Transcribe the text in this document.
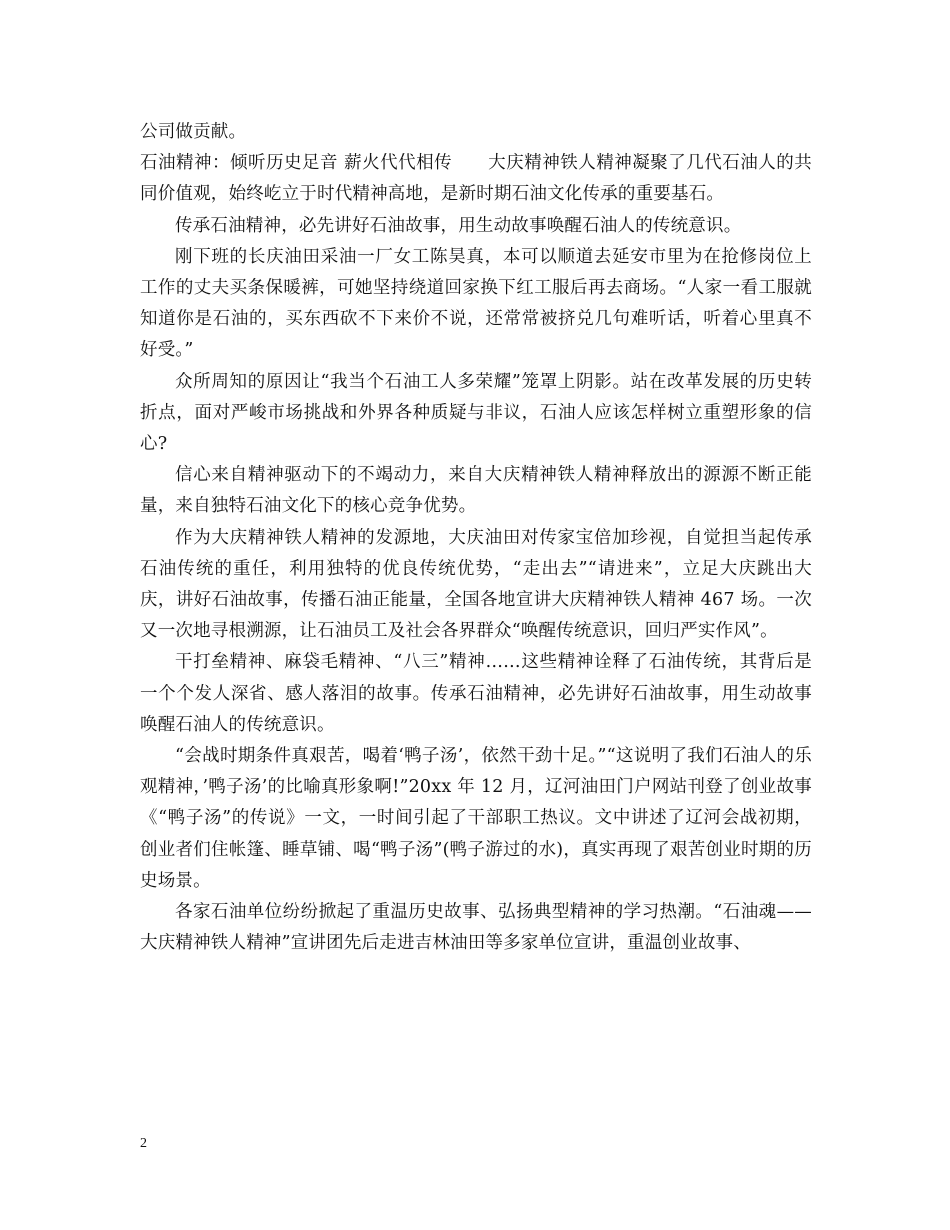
公司做贡献。

石油精神：倾听历史足音 薪火代代相传　　大庆精神铁人精神凝聚了几代石油人的共同价值观，始终屹立于时代精神高地，是新时期石油文化传承的重要基石。

传承石油精神，必先讲好石油故事，用生动故事唤醒石油人的传统意识。

刚下班的长庆油田采油一厂女工陈昊真，本可以顺道去延安市里为在抢修岗位上工作的丈夫买条保暖裤，可她坚持绕道回家换下红工服后再去商场。“人家一看工服就知道你是石油的，买东西砍不下来价不说，还常常被挤兑几句难听话，听着心里真不好受。”

众所周知的原因让“我当个石油工人多荣耀”笼罩上阴影。站在改革发展的历史转折点，面对严峻市场挑战和外界各种质疑与非议，石油人应该怎样树立重塑形象的信心?

信心来自精神驱动下的不竭动力，来自大庆精神铁人精神释放出的源源不断正能量，来自独特石油文化下的核心竞争优势。

作为大庆精神铁人精神的发源地，大庆油田对传家宝倍加珍视，自觉担当起传承石油传统的重任，利用独特的优良传统优势，“走出去”“请进来”，立足大庆跳出大庆，讲好石油故事，传播石油正能量，全国各地宣讲大庆精神铁人精神 467 场。一次又一次地寻根溯源，让石油员工及社会各界群众“唤醒传统意识，回归严实作风”。

干打垒精神、麻袋毛精神、“八三”精神……这些精神诠释了石油传统，其背后是一个个发人深省、感人落泪的故事。传承石油精神，必先讲好石油故事，用生动故事唤醒石油人的传统意识。

“会战时期条件真艰苦，喝着‘鸭子汤’，依然干劲十足。”“这说明了我们石油人的乐观精神，’鸭子汤’的比喻真形象啊!”20xx 年 12 月，辽河油田门户网站刊登了创业故事《“鸭子汤”的传说》一文，一时间引起了干部职工热议。文中讲述了辽河会战初期，创业者们住帐篷、睡草铺、喝“鸭子汤”(鸭子游过的水)，真实再现了艰苦创业时期的历史场景。

各家石油单位纷纷掀起了重温历史故事、弘扬典型精神的学习热潮。“石油魂——大庆精神铁人精神”宣讲团先后走进吉林油田等多家单位宣讲，重温创业故事、

2
